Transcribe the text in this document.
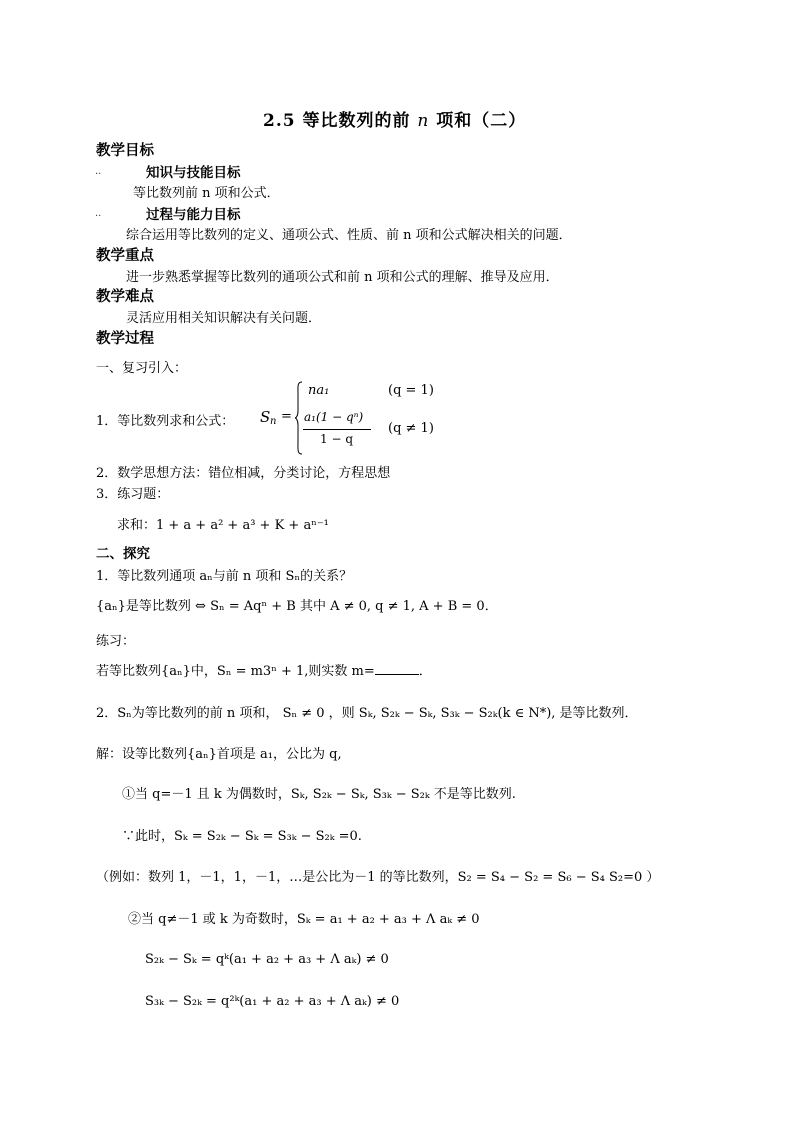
2.5 等比数列的前 n 项和（二）
教学目标
..	知识与技能目标
等比数列前 n 项和公式．
..	过程与能力目标
综合运用等比数列的定义、通项公式、性质、前 n 项和公式解决相关的问题．
教学重点
进一步熟悉掌握等比数列的通项公式和前 n 项和公式的理解、推导及应用．
教学难点
灵活应用相关知识解决有关问题．
教学过程
一、复习引入：
1．等比数列求和公式： S n =
na₁	(q = 1)
a₁(1 − qⁿ)
1 − q
(q ≠ 1)
2．数学思想方法：错位相减，分类讨论，方程思想
3．练习题：
求和：1 + a + a² + a³ + K + aⁿ⁻¹
二、探究
1．等比数列通项 aₙ与前 n 项和 Sₙ的关系？
{aₙ}是等比数列 ⇔ Sₙ = Aqⁿ + B 其中 A ≠ 0, q ≠ 1, A + B = 0．
练习：
若等比数列{aₙ}中，Sₙ = m3ⁿ + 1,则实数 m=	．
2．Sₙ为等比数列的前 n 项和， Sₙ ≠ 0 ，则 Sₖ, S₂ₖ − Sₖ, S₃ₖ − S₂ₖ(k ∈ N*), 是等比数列．
解：设等比数列{aₙ}首项是 a₁，公比为 q,
①当 q=－1 且 k 为偶数时，Sₖ, S₂ₖ − Sₖ, S₃ₖ − S₂ₖ 不是等比数列.
∵此时，Sₖ = S₂ₖ − Sₖ = S₃ₖ − S₂ₖ =0.
（例如：数列 1，－1，1，－1，…是公比为－1 的等比数列，S₂ = S₄ − S₂ = S₆ − S₄ S₂=0 ）
②当 q≠－1 或 k 为奇数时，Sₖ = a₁ + a₂ + a₃ + Λ aₖ ≠ 0
S₂ₖ − Sₖ = qᵏ(a₁ + a₂ + a₃ + Λ aₖ) ≠ 0
S₃ₖ − S₂ₖ = q²ᵏ(a₁ + a₂ + a₃ + Λ aₖ) ≠ 0
